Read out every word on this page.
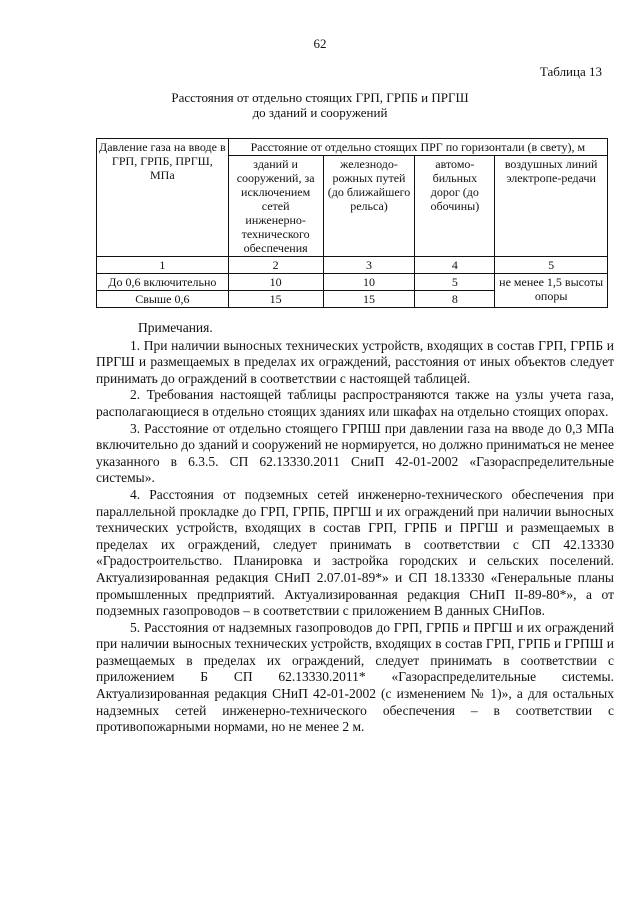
62
Таблица 13
Расстояния от отдельно стоящих ГРП, ГРПБ и ПРГШ
до зданий и сооружений
Давление газа на вводе в ГРП, ГРПБ, ПРГШ, МПа	Расстояние от отдельно стоящих ПРГ по горизонтали (в свету), м			
	зданий и сооружений, за исключением сетей инженерно-технического обеспечения	железнодо-рожных путей (до ближайшего рельса)	автомо-бильных дорог (до обочины)	воздушных линий электропе-редачи
1	2	3	4	5
До 0,6 включительно	10	10	5	не менее 1,5 высоты опоры
Свыше 0,6	15	15	8	

Примечания.

1. При наличии выносных технических устройств, входящих в состав ГРП, ГРПБ и ПРГШ и размещаемых в пределах их ограждений, расстояния от иных объектов следует принимать до ограждений в соответствии с настоящей таблицей.

2. Требования настоящей таблицы распространяются также на узлы учета газа, располагающиеся в отдельно стоящих зданиях или шкафах на отдельно стоящих опорах.

3. Расстояние от отдельно стоящего ГРПШ при давлении газа на вводе до 0,3 МПа включительно до зданий и сооружений не нормируется, но должно приниматься не менее указанного в 6.3.5. СП 62.13330.2011 СниП 42-01-2002 «Газораспределительные системы».

4. Расстояния от подземных сетей инженерно-технического обеспечения при параллельной прокладке до ГРП, ГРПБ, ПРГШ и их ограждений при наличии выносных технических устройств, входящих в состав ГРП, ГРПБ и ПРГШ и размещаемых в пределах их ограждений, следует принимать в соответствии с СП 42.13330 «Градостроительство. Планировка и застройка городских и сельских поселений. Актуализированная редакция СНиП 2.07.01-89*» и СП 18.13330 «Генеральные планы промышленных предприятий. Актуализированная редакция СНиП II-89-80*», а от подземных газопроводов – в соответствии с приложением В данных СНиПов.

5. Расстояния от надземных газопроводов до ГРП, ГРПБ и ПРГШ и их ограждений при наличии выносных технических устройств, входящих в состав ГРП, ГРПБ и ГРПШ и размещаемых в пределах их ограждений, следует принимать в соответствии с приложением Б СП 62.13330.2011* «Газораспределительные системы. Актуализированная редакция СНиП 42-01-2002 (с изменением № 1)», а для остальных надземных сетей инженерно-технического обеспечения – в соответствии с противопожарными нормами, но не менее 2 м.
